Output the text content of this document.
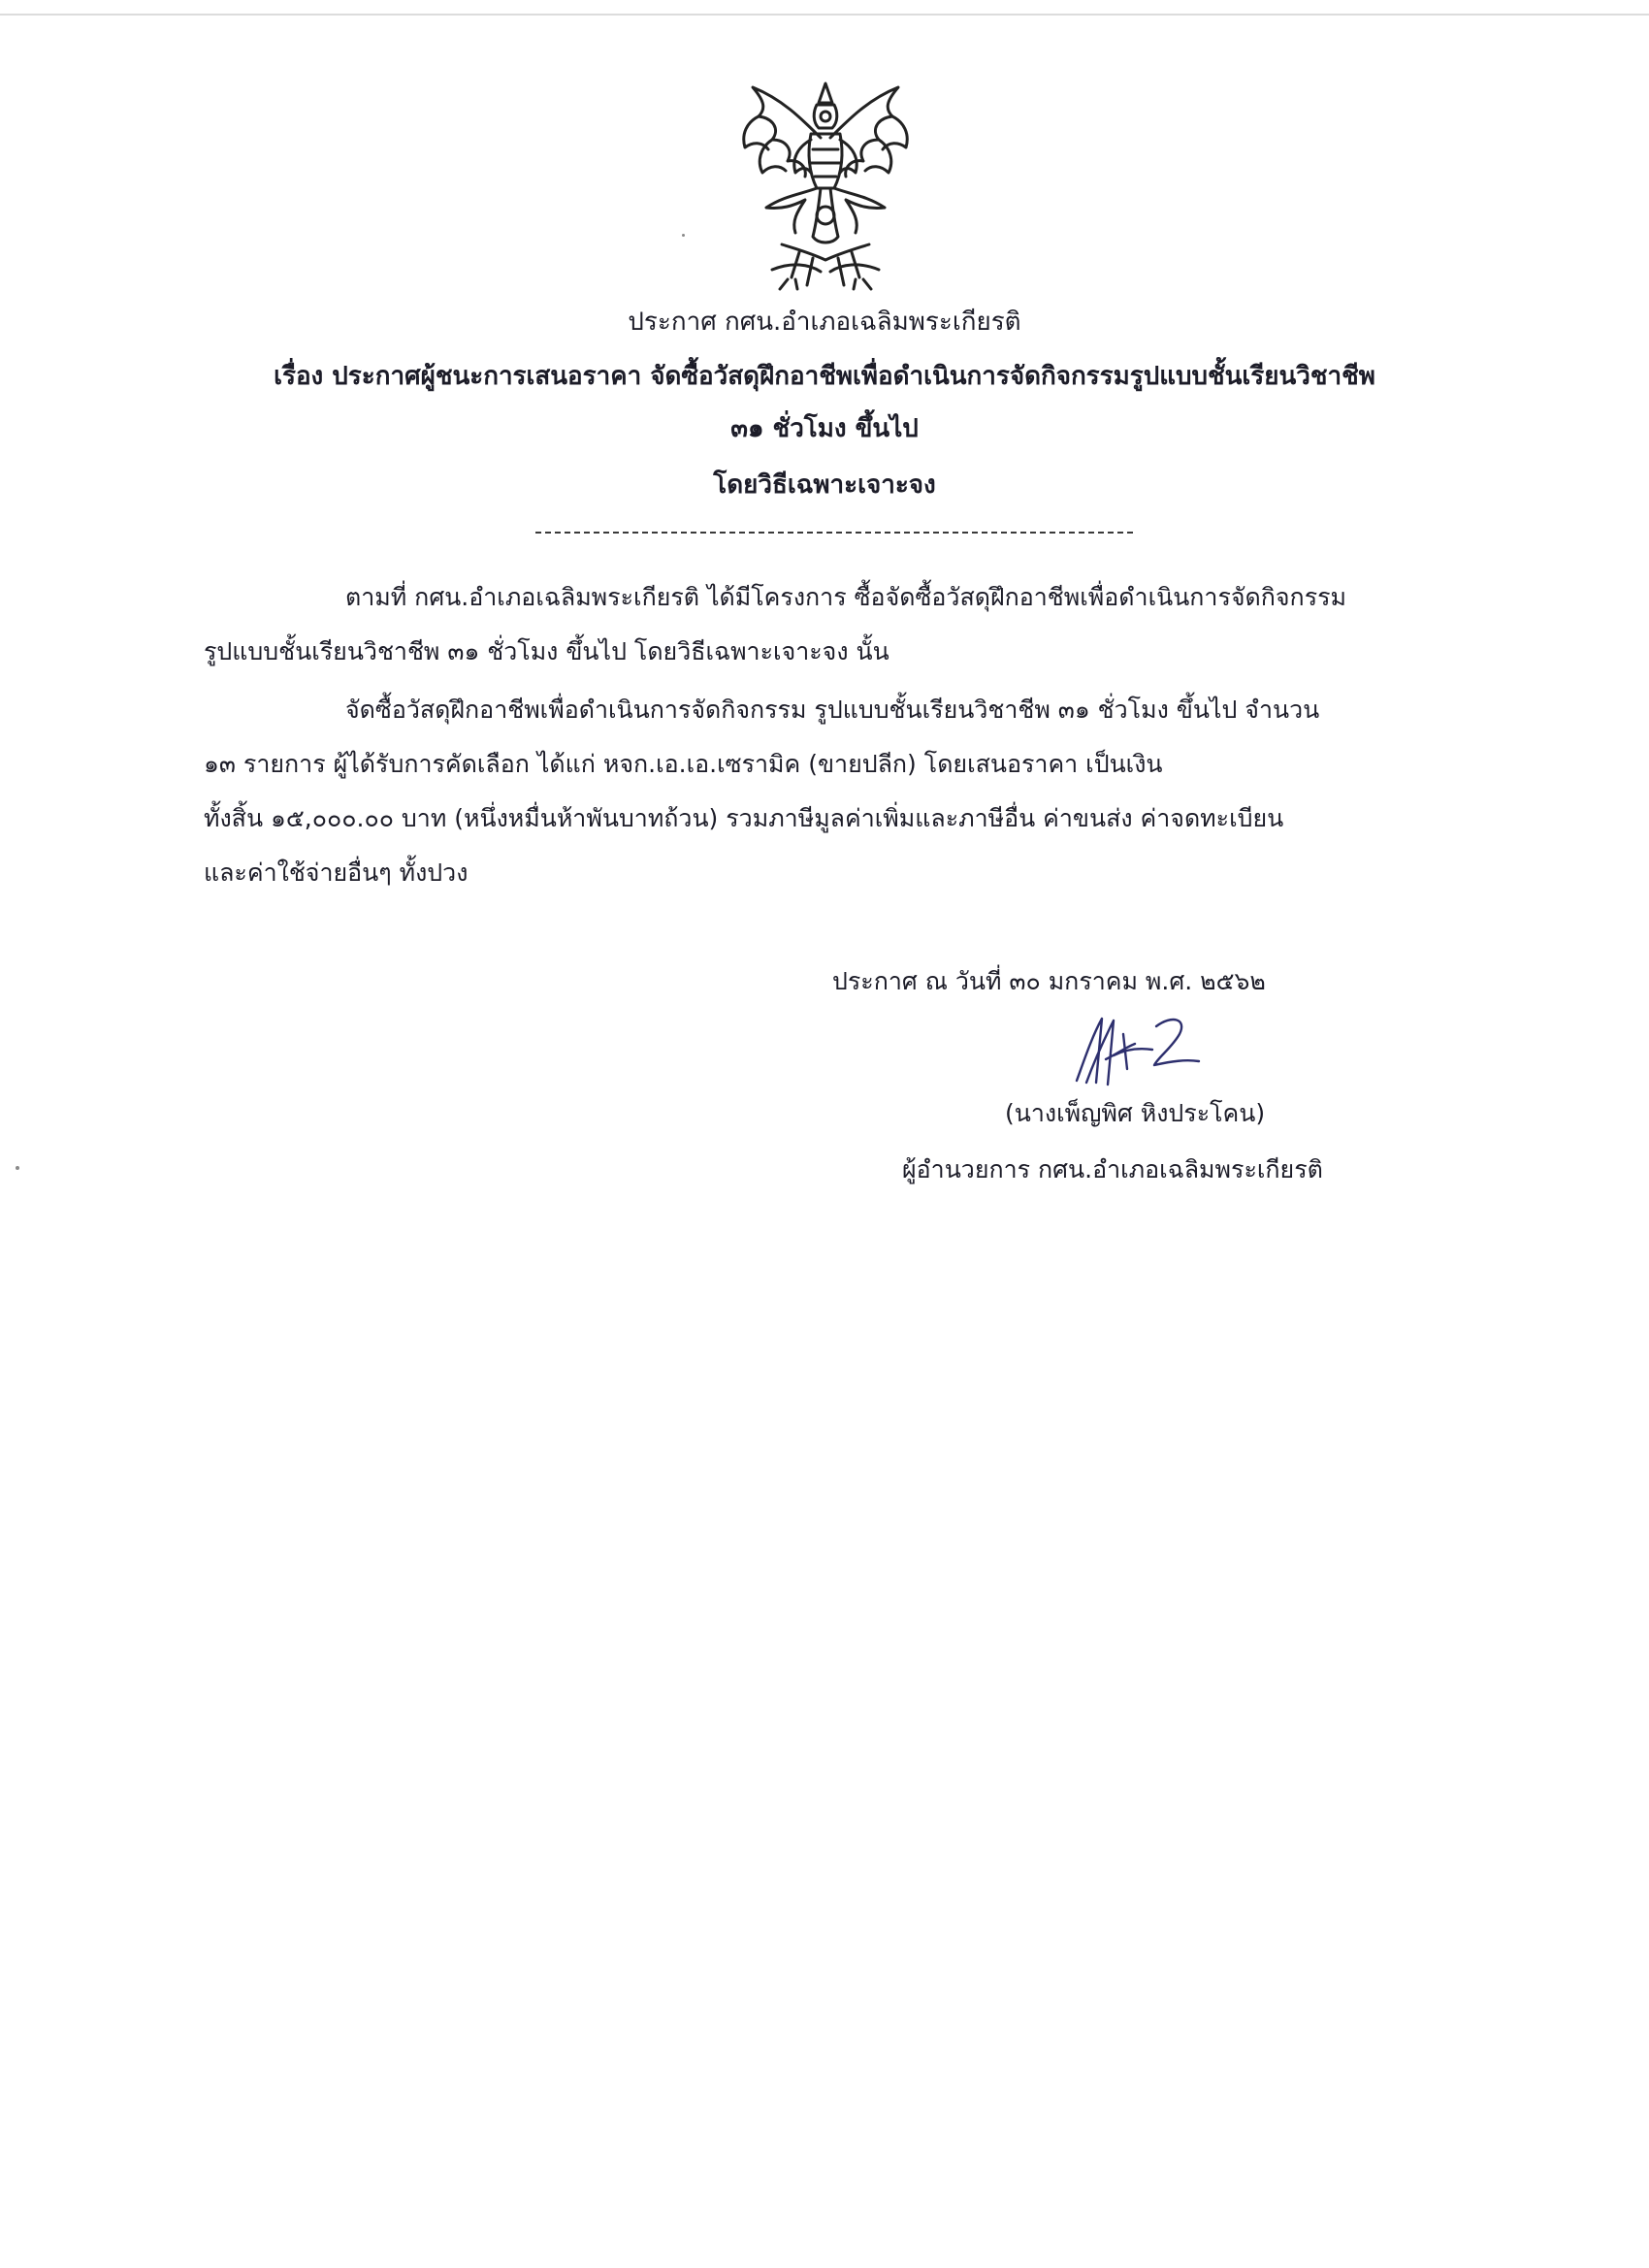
ประกาศ กศน.อำเภอเฉลิมพระเกียรติ
เรื่อง ประกาศผู้ชนะการเสนอราคา จัดซื้อวัสดุฝึกอาชีพเพื่อดำเนินการจัดกิจกรรมรูปแบบชั้นเรียนวิชาชีพ
๓๑ ชั่วโมง ขึ้นไป
โดยวิธีเฉพาะเจาะจง
ตามที่ กศน.อำเภอเฉลิมพระเกียรติ ได้มีโครงการ ซื้อจัดซื้อวัสดุฝึกอาชีพเพื่อดำเนินการจัดกิจกรรม
รูปแบบชั้นเรียนวิชาชีพ ๓๑ ชั่วโมง ขึ้นไป โดยวิธีเฉพาะเจาะจง นั้น
จัดซื้อวัสดุฝึกอาชีพเพื่อดำเนินการจัดกิจกรรม รูปแบบชั้นเรียนวิชาชีพ ๓๑ ชั่วโมง ขึ้นไป จำนวน
๑๓ รายการ ผู้ได้รับการคัดเลือก ได้แก่ หจก.เอ.เอ.เซรามิค (ขายปลีก) โดยเสนอราคา เป็นเงิน
ทั้งสิ้น ๑๕,๐๐๐.๐๐ บาท (หนึ่งหมื่นห้าพันบาทถ้วน) รวมภาษีมูลค่าเพิ่มและภาษีอื่น ค่าขนส่ง ค่าจดทะเบียน
และค่าใช้จ่ายอื่นๆ ทั้งปวง
ประกาศ ณ วันที่ ๓๐ มกราคม พ.ศ. ๒๕๖๒
(นางเพ็ญพิศ หิงประโคน)
ผู้อำนวยการ กศน.อำเภอเฉลิมพระเกียรติ
